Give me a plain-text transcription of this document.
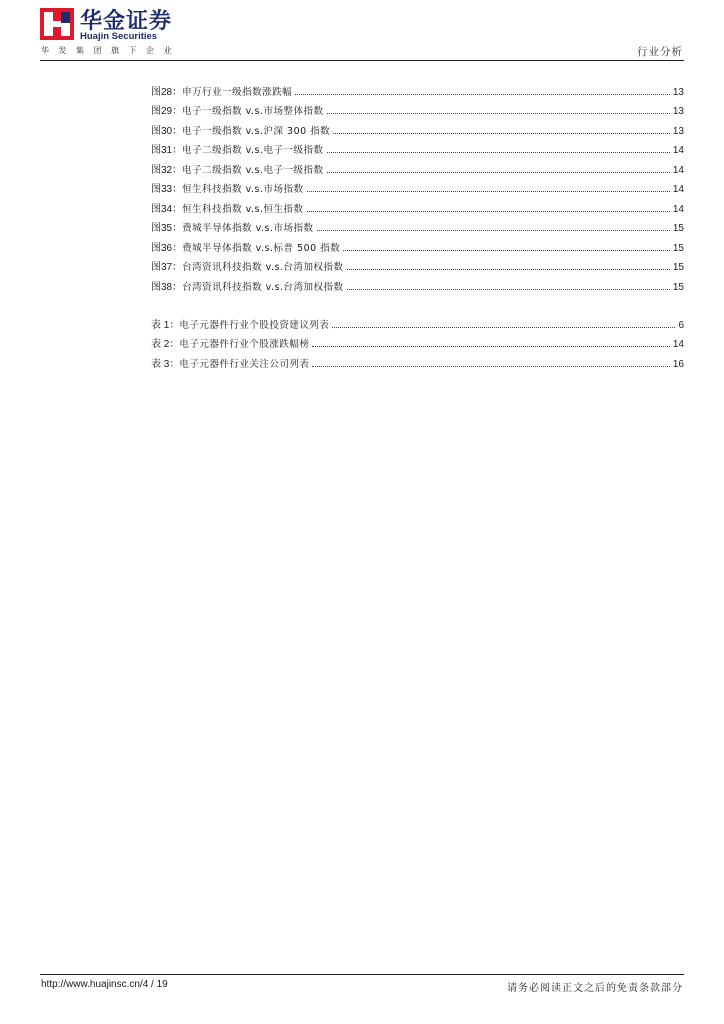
华金证券
Huajin Securities
华发集团旗下企业	行业分析
图28： 申万行业一级指数涨跌幅	13
图29： 电子一级指数 v.s.市场整体指数	13
图30： 电子一级指数 v.s.沪深 300 指数	13
图31： 电子二级指数 v.s.电子一级指数	14
图32： 电子二级指数 v.s.电子一级指数	14
图33： 恒生科技指数 v.s.市场指数	14
图34： 恒生科技指数 v.s.恒生指数	14
图35： 费城半导体指数 v.s.市场指数	15
图36： 费城半导体指数 v.s.标普 500 指数	15
图37： 台湾资讯科技指数 v.s.台湾加权指数	15
图38： 台湾资讯科技指数 v.s.台湾加权指数	15
表 1： 电子元器件行业个股投资建议列表	6
表 2： 电子元器件行业个股涨跌幅榜	14
表 3： 电子元器件行业关注公司列表	16
http://www.huajinsc.cn/4 / 19	请务必阅读正文之后的免责条款部分
